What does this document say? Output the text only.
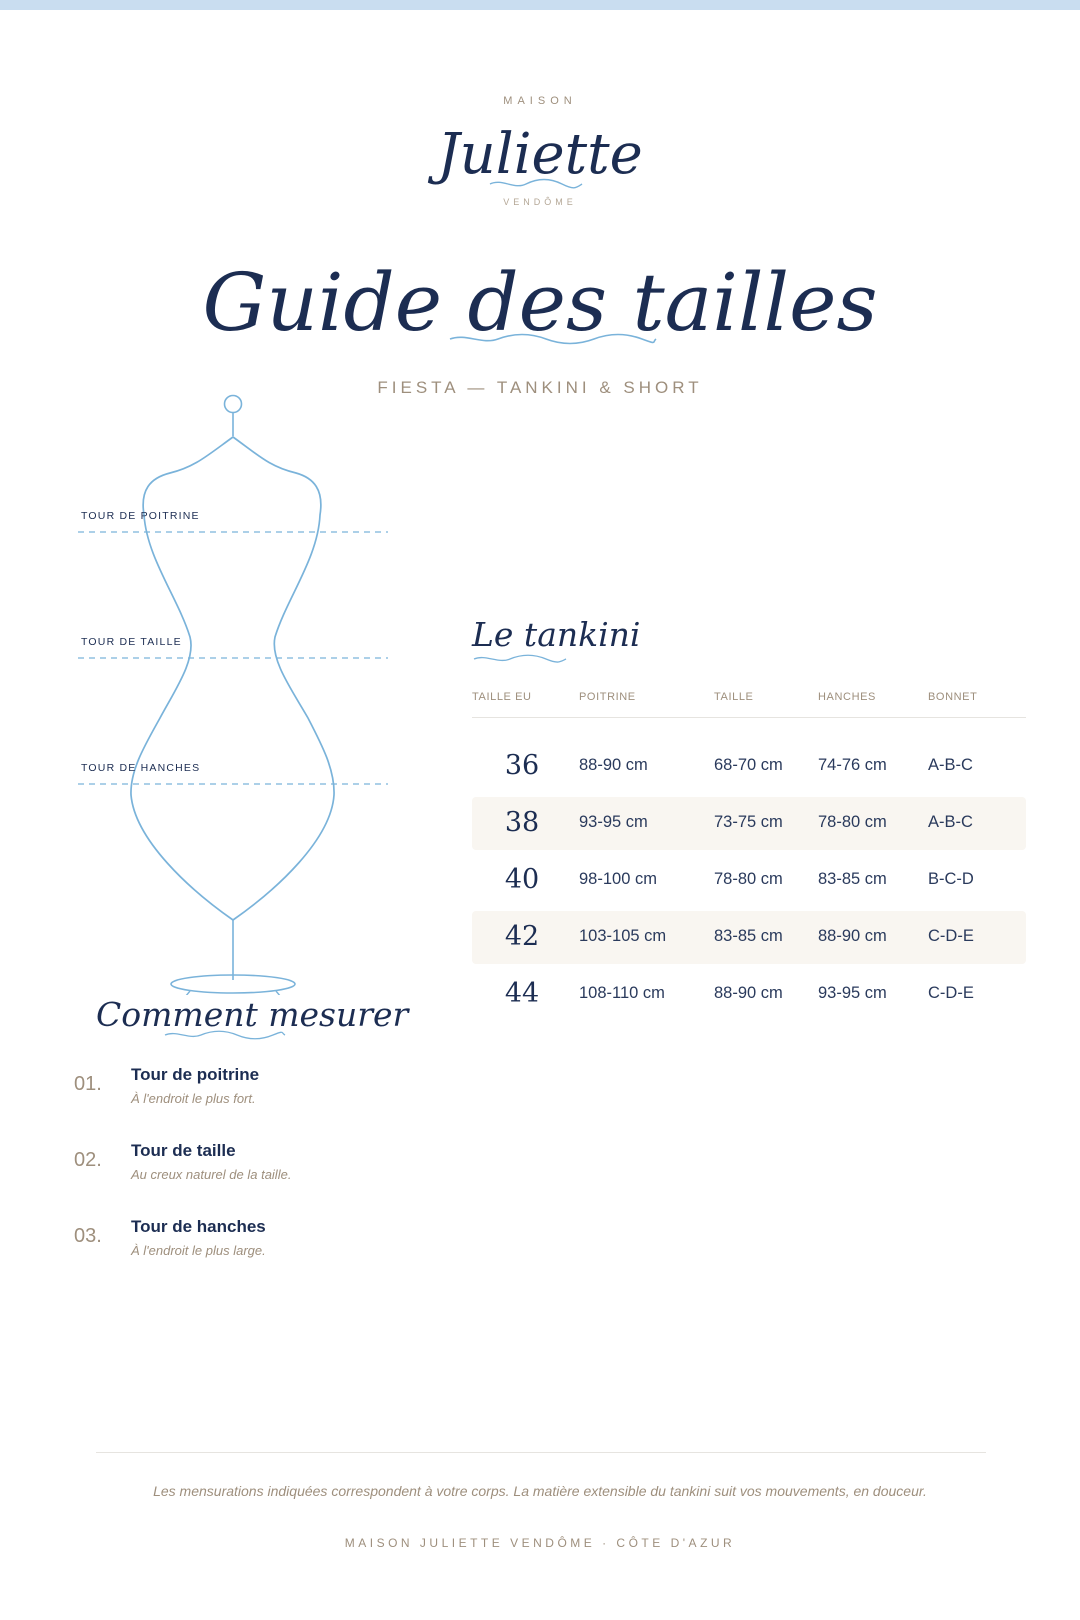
MAISON
Juliette
VENDÔME
Guide des tailles
FIESTA — TANKINI & SHORT
TOUR DE POITRINE
TOUR DE TAILLE
TOUR DE HANCHES
Comment mesurer
01. Tour de poitrine
À l'endroit le plus fort.
02. Tour de taille
Au creux naturel de la taille.
03. Tour de hanches
À l'endroit le plus large.
Le tankini
TAILLE EU	POITRINE	TAILLE	HANCHES	BONNET
36	88-90 cm	68-70 cm 74-76 cm A-B-C
38	93-95 cm	73-75 cm 78-80 cm A-B-C
40	98-100 cm	78-80 cm 83-85 cm B-C-D
42	103-105 cm	83-85 cm 88-90 cm C-D-E
44	108-110 cm	88-90 cm 93-95 cm C-D-E
Les mensurations indiquées correspondent à votre corps. La matière extensible du tankini suit vos mouvements, en douceur.
MAISON JULIETTE VENDÔME · CÔTE D'AZUR
